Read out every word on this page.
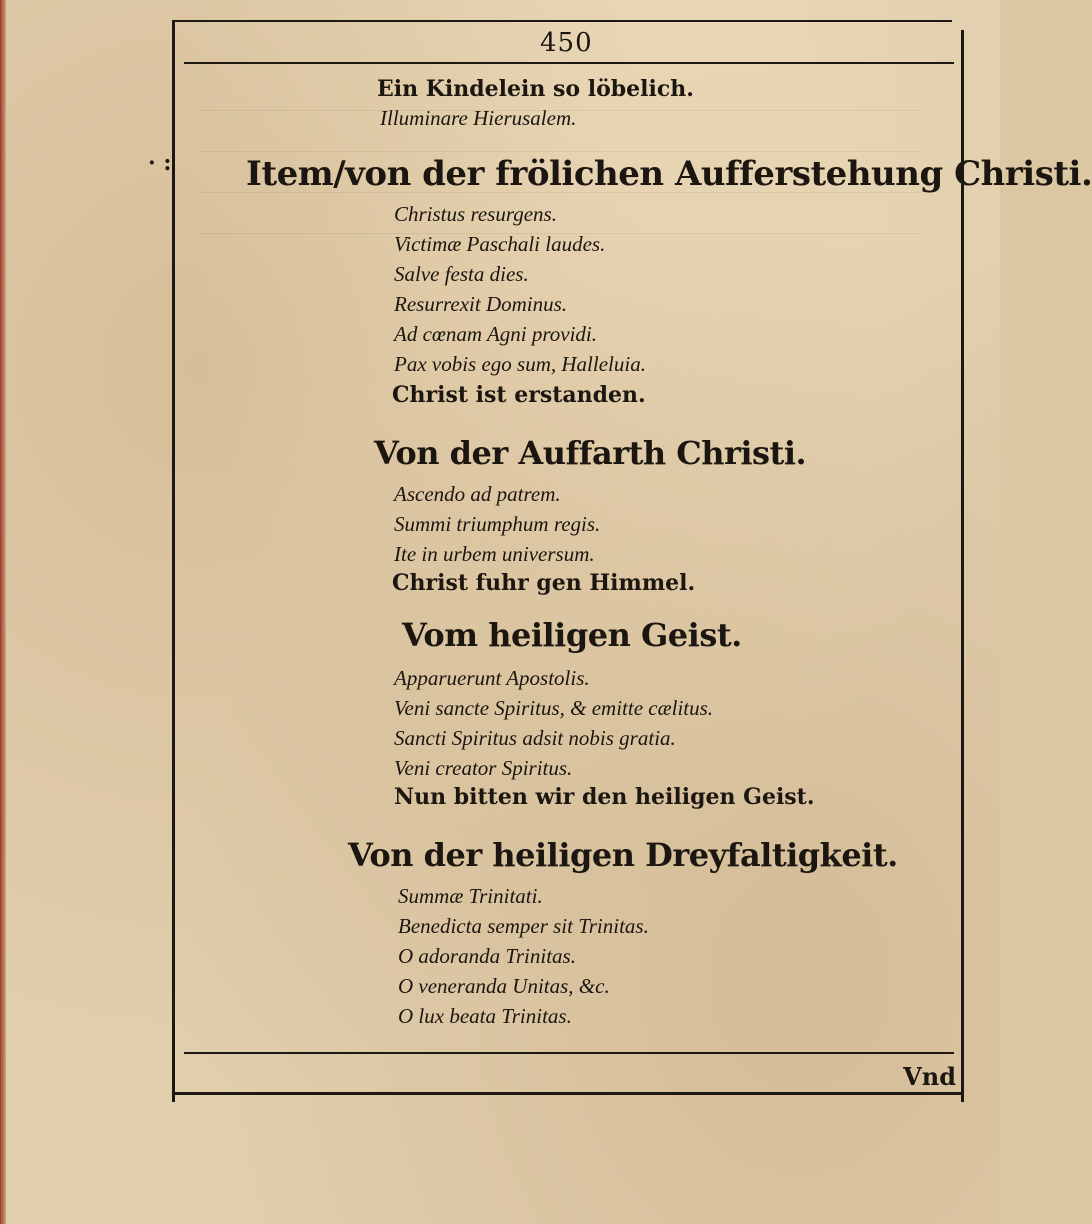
· :
450
Ein Kindelein so löbelich.
Illuminare Hierusalem.
Item/von der frölichen Aufferstehung Christi.
Christus resurgens.
Victimæ Paschali laudes.
Salve festa dies.
Resurrexit Dominus.
Ad cœnam Agni providi.
Pax vobis ego sum, Halleluia.
Christ ist erstanden.
Von der Auffarth Christi.
Ascendo ad patrem.
Summi triumphum regis.
Ite in urbem universum.
Christ fuhr gen Himmel.
Vom heiligen Geist.
Apparuerunt Apostolis.
Veni sancte Spiritus, & emitte cælitus.
Sancti Spiritus adsit nobis gratia.
Veni creator Spiritus.
Nun bitten wir den heiligen Geist.
Von der heiligen Dreyfaltigkeit.
Summæ Trinitati.
Benedicta semper sit Trinitas.
O adoranda Trinitas.
O veneranda Unitas, &c.
O lux beata Trinitas.
Vnd
